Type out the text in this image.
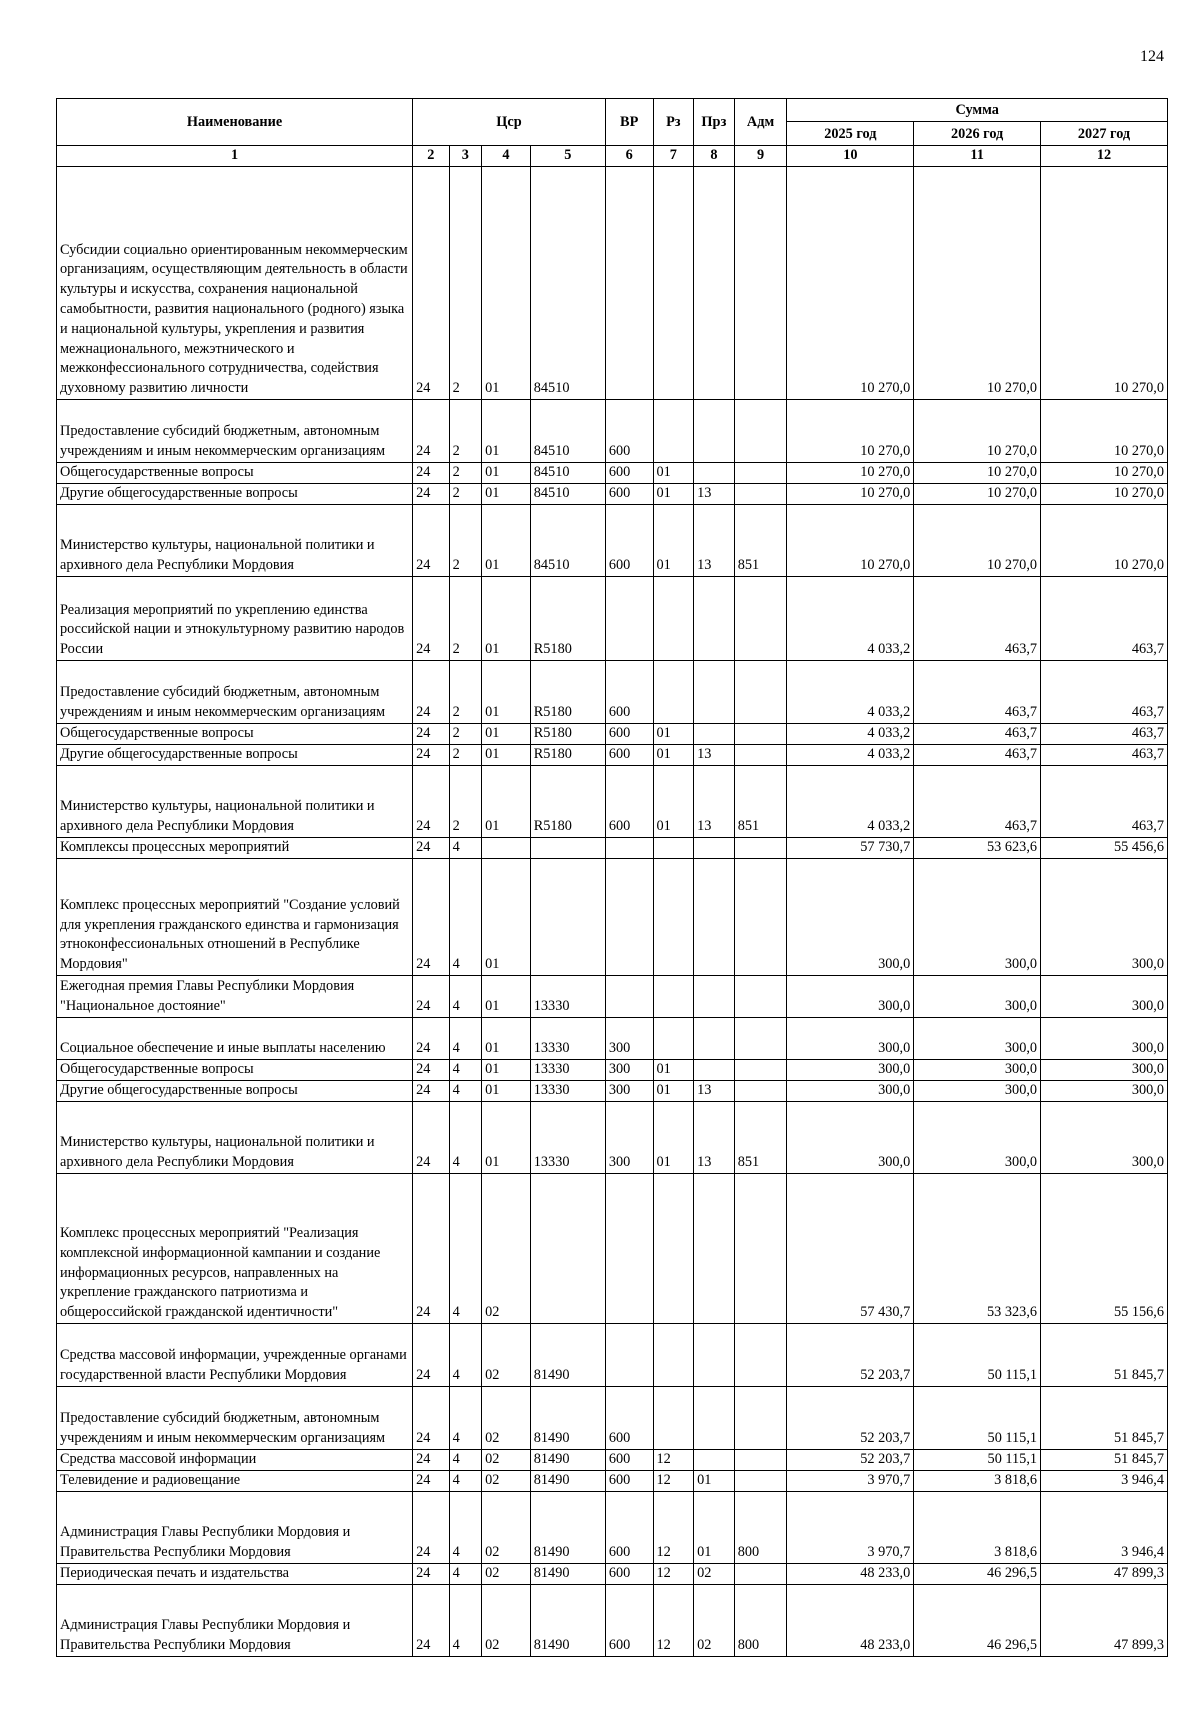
124
Наименование	Цср				ВР	Рз	Прз	Адм	Сумма		
									2025 год	2026 год	2027 год
1	2	3	4	5	6	7	8	9	10	11	12
Субсидии социально ориентированным некоммерческим организациям, осуществляющим деятельность в области культуры и искусства, сохранения национальной самобытности, развития национального (родного) языка и национальной культуры, укрепления и развития межнационального, межэтнического и межконфессионального сотрудничества, содействия духовному развитию личности	24	2	01	84510					10 270,0	10 270,0	10 270,0
Предоставление субсидий бюджетным, автономным учреждениям и иным некоммерческим организациям	24	2	01	84510	600				10 270,0	10 270,0	10 270,0
Общегосударственные вопросы	24	2	01	84510	600	01			10 270,0	10 270,0	10 270,0
Другие общегосударственные вопросы	24	2	01	84510	600	01	13		10 270,0	10 270,0	10 270,0
Министерство культуры, национальной политики и архивного дела Республики Мордовия	24	2	01	84510	600	01	13	851	10 270,0	10 270,0	10 270,0
Реализация мероприятий по укреплению единства российской нации и этнокультурному развитию народов России	24	2	01	R5180					4 033,2	463,7	463,7
Предоставление субсидий бюджетным, автономным учреждениям и иным некоммерческим организациям	24	2	01	R5180	600				4 033,2	463,7	463,7
Общегосударственные вопросы	24	2	01	R5180	600	01			4 033,2	463,7	463,7
Другие общегосударственные вопросы	24	2	01	R5180	600	01	13		4 033,2	463,7	463,7
Министерство культуры, национальной политики и архивного дела Республики Мордовия	24	2	01	R5180	600	01	13	851	4 033,2	463,7	463,7
Комплексы процессных мероприятий	24	4							57 730,7	53 623,6	55 456,6
Комплекс процессных мероприятий "Создание условий для укрепления гражданского единства и гармонизация этноконфессиональных отношений в Республике Мордовия"	24	4	01						300,0	300,0	300,0
Ежегодная премия Главы Республики Мордовия "Национальное достояние"	24	4	01	13330					300,0	300,0	300,0
Социальное обеспечение и иные выплаты населению	24	4	01	13330	300				300,0	300,0	300,0
Общегосударственные вопросы	24	4	01	13330	300	01			300,0	300,0	300,0
Другие общегосударственные вопросы	24	4	01	13330	300	01	13		300,0	300,0	300,0
Министерство культуры, национальной политики и архивного дела Республики Мордовия	24	4	01	13330	300	01	13	851	300,0	300,0	300,0
Комплекс процессных мероприятий "Реализация комплексной информационной кампании и создание информационных ресурсов, направленных на укрепление гражданского патриотизма и общероссийской гражданской идентичности"	24	4	02						57 430,7	53 323,6	55 156,6
Средства массовой информации, учрежденные органами государственной власти Республики Мордовия	24	4	02	81490					52 203,7	50 115,1	51 845,7
Предоставление субсидий бюджетным, автономным учреждениям и иным некоммерческим организациям	24	4	02	81490	600				52 203,7	50 115,1	51 845,7
Средства массовой информации	24	4	02	81490	600	12			52 203,7	50 115,1	51 845,7
Телевидение и радиовещание	24	4	02	81490	600	12	01		3 970,7	3 818,6	3 946,4
Администрация Главы Республики Мордовия и Правительства Республики Мордовия	24	4	02	81490	600	12	01	800	3 970,7	3 818,6	3 946,4
Периодическая печать и издательства	24	4	02	81490	600	12	02		48 233,0	46 296,5	47 899,3
Администрация Главы Республики Мордовия и Правительства Республики Мордовия	24	4	02	81490	600	12	02	800	48 233,0	46 296,5	47 899,3
